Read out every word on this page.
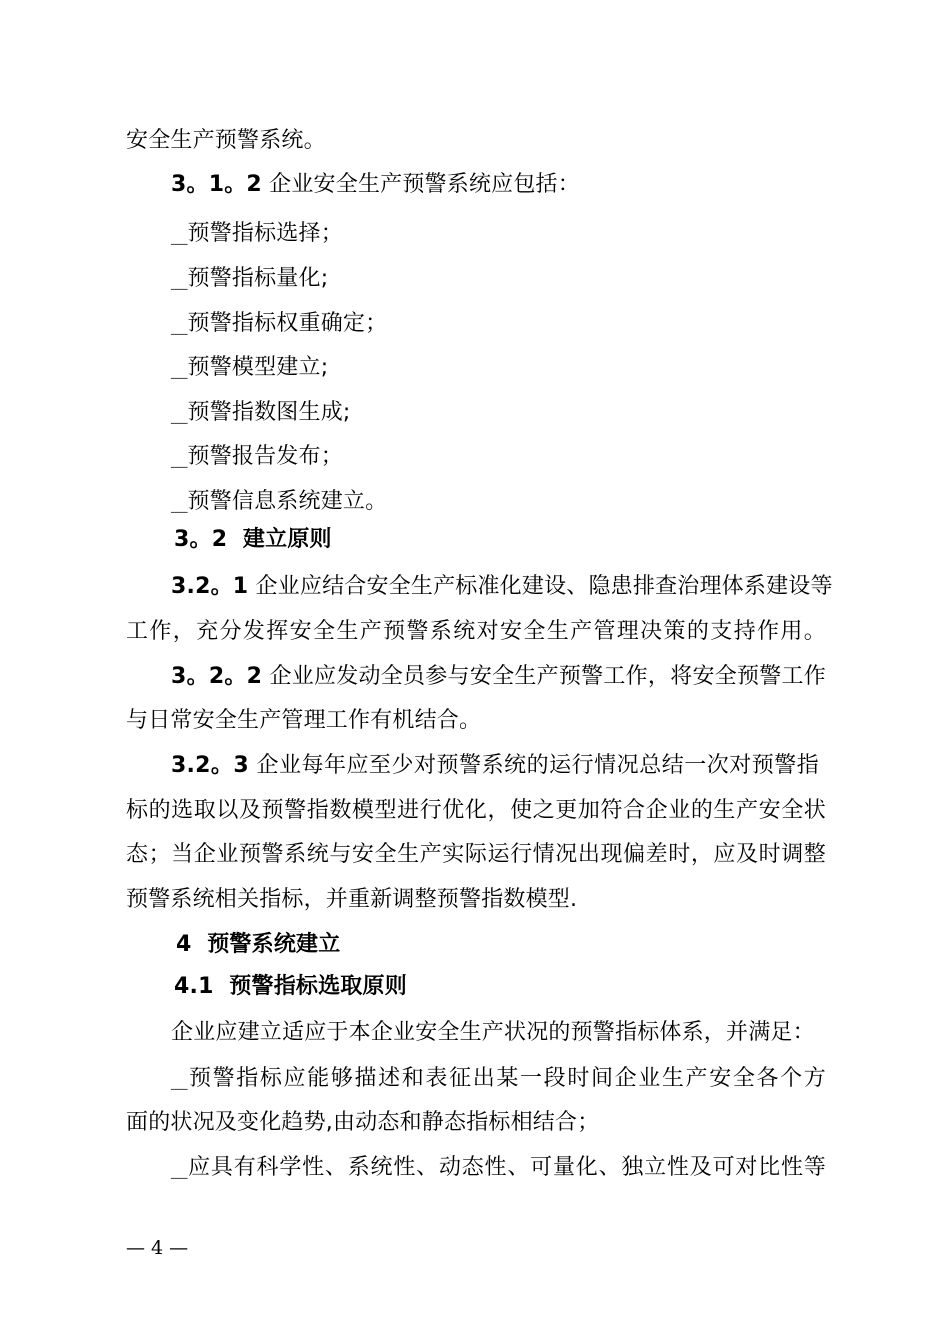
安全生产预警系统。
3。1。2 企业安全生产预警系统应包括：
___预警指标选择；
___预警指标量化;
___预警指标权重确定；
___预警模型建立;
___预警指数图生成;
___预警报告发布；
___预警信息系统建立。
3。2  建立原则
3.2。1 企业应结合安全生产标准化建设、隐患排查治理体系建设等
工作，充分发挥安全生产预警系统对安全生产管理决策的支持作用。
3。2。2 企业应发动全员参与安全生产预警工作，将安全预警工作
与日常安全生产管理工作有机结合。
3.2。3 企业每年应至少对预警系统的运行情况总结一次对预警指
标的选取以及预警指数模型进行优化，使之更加符合企业的生产安全状
态；当企业预警系统与安全生产实际运行情况出现偏差时，应及时调整
预警系统相关指标，并重新调整预警指数模型.
4  预警系统建立
4.1  预警指标选取原则
企业应建立适应于本企业安全生产状况的预警指标体系，并满足：
___预警指标应能够描述和表征出某一段时间企业生产安全各个方
面的状况及变化趋势,由动态和静态指标相结合；
___应具有科学性、系统性、动态性、可量化、独立性及可对比性等
— 4 —
